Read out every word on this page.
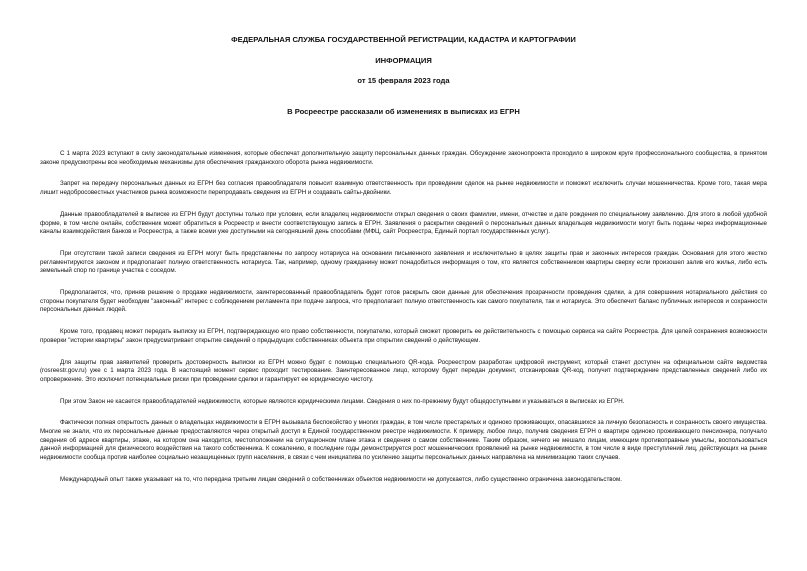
ФЕДЕРАЛЬНАЯ СЛУЖБА ГОСУДАРСТВЕННОЙ РЕГИСТРАЦИИ, КАДАСТРА И КАРТОГРАФИИ
ИНФОРМАЦИЯ
от 15 февраля 2023 года
В Росреестре рассказали об изменениях в выписках из ЕГРН

С 1 марта 2023 вступают в силу законодательные изменения, которые обеспечат дополнительную защиту персональных данных граждан. Обсуждение законопроекта проходило в широком круге профессионального сообщества, в принятом законе предусмотрены все необходимые механизмы для обеспечения гражданского оборота рынка недвижимости.

Запрет на передачу персональных данных из ЕГРН без согласия правообладателя повысит взаимную ответственность при проведении сделок на рынке недвижимости и поможет исключить случаи мошенничества. Кроме того, такая мера лишит недобросовестных участников рынка возможности перепродавать сведения из ЕГРН и создавать сайты-двойники.

Данные правообладателей в выписке из ЕГРН будут доступны только при условии, если владелец недвижимости открыл сведения о своих фамилии, имени, отчестве и дате рождения по специальному заявлению. Для этого в любой удобной форме, в том числе онлайн, собственник может обратиться в Росреестр и внести соответствующую запись в ЕГРН. Заявления о раскрытии сведений о персональных данных владельцев недвижимости могут быть поданы через информационные каналы взаимодействия банков и Росреестра, а также всеми уже доступными на сегодняшний день способами (МФЦ, сайт Росреестра, Единый портал государственных услуг).

При отсутствии такой записи сведения из ЕГРН могут быть представлены по запросу нотариуса на основании письменного заявления и исключительно в целях защиты прав и законных интересов граждан. Основания для этого жестко регламентируются законом и предполагает полную ответственность нотариуса. Так, например, одному гражданину может понадобиться информация о том, кто является собственником квартиры сверху если произошел залив его жилья, либо есть земельный спор по границе участка с соседом.

Предполагается, что, приняв решение о продаже недвижимости, заинтересованный правообладатель будет готов раскрыть свои данные для обеспечения прозрачности проведения сделки, а для совершения нотариального действия со стороны покупателя будет необходим "законный" интерес с соблюдением регламента при подаче запроса, что предполагает полную ответственность как самого покупателя, так и нотариуса. Это обеспечит баланс публичных интересов и сохранности персональных данных людей.

Кроме того, продавец может передать выписку из ЕГРН, подтверждающую его право собственности, покупателю, который сможет проверить ее действительность с помощью сервиса на сайте Росреестра. Для целей сохранения возможности проверки "истории квартиры" закон предусматривает открытие сведений о предыдущих собственниках объекта при открытии сведений о действующем.

Для защиты прав заявителей проверить достоверность выписки из ЕГРН можно будет с помощью специального QR-кода. Росреестром разработан цифровой инструмент, который станет доступен на официальном сайте ведомства (rosreestr.gov.ru) уже с 1 марта 2023 года. В настоящий момент сервис проходит тестирование. Заинтересованное лицо, которому будет передан документ, отсканировав QR-код, получит подтверждение представленных сведений либо их опровержение. Это исключит потенциальные риски при проведении сделки и гарантирует ее юридическую чистоту.

При этом Закон не касается правообладателей недвижимости, которые являются юридическими лицами. Сведения о них по-прежнему будут общедоступными и указываться в выписках из ЕГРН.

Фактически полная открытость данных о владельцах недвижимости в ЕГРН вызывала беспокойство у многих граждан, в том числе престарелых и одиноко проживающих, опасавшихся за личную безопасность и сохранность своего имущества. Многие не знали, что их персональные данные предоставляются через открытый доступ в Единой государственном реестре недвижимости. К примеру, любое лицо, получив сведения ЕГРН о квартире одиноко проживающего пенсионера, получало сведения об адресе квартиры, этаже, на котором она находится, местоположении на ситуационном плане этажа и сведения о самом собственнике. Таким образом, ничего не мешало лицам, имеющим противоправные умыслы, воспользоваться данной информацией для физического воздействия на такого собственника. К сожалению, в последние годы демонстрируется рост мошеннических проявлений на рынке недвижимости, в том числе в виде преступлений лиц, действующих на рынке недвижимости сообща против наиболее социально незащищенных групп населения, в связи с чем инициатива по усилению защиты персональных данных направлена на минимизацию таких случаев.

Международный опыт также указывает на то, что передача третьим лицам сведений о собственниках объектов недвижимости не допускается, либо существенно ограничена законодательством.
